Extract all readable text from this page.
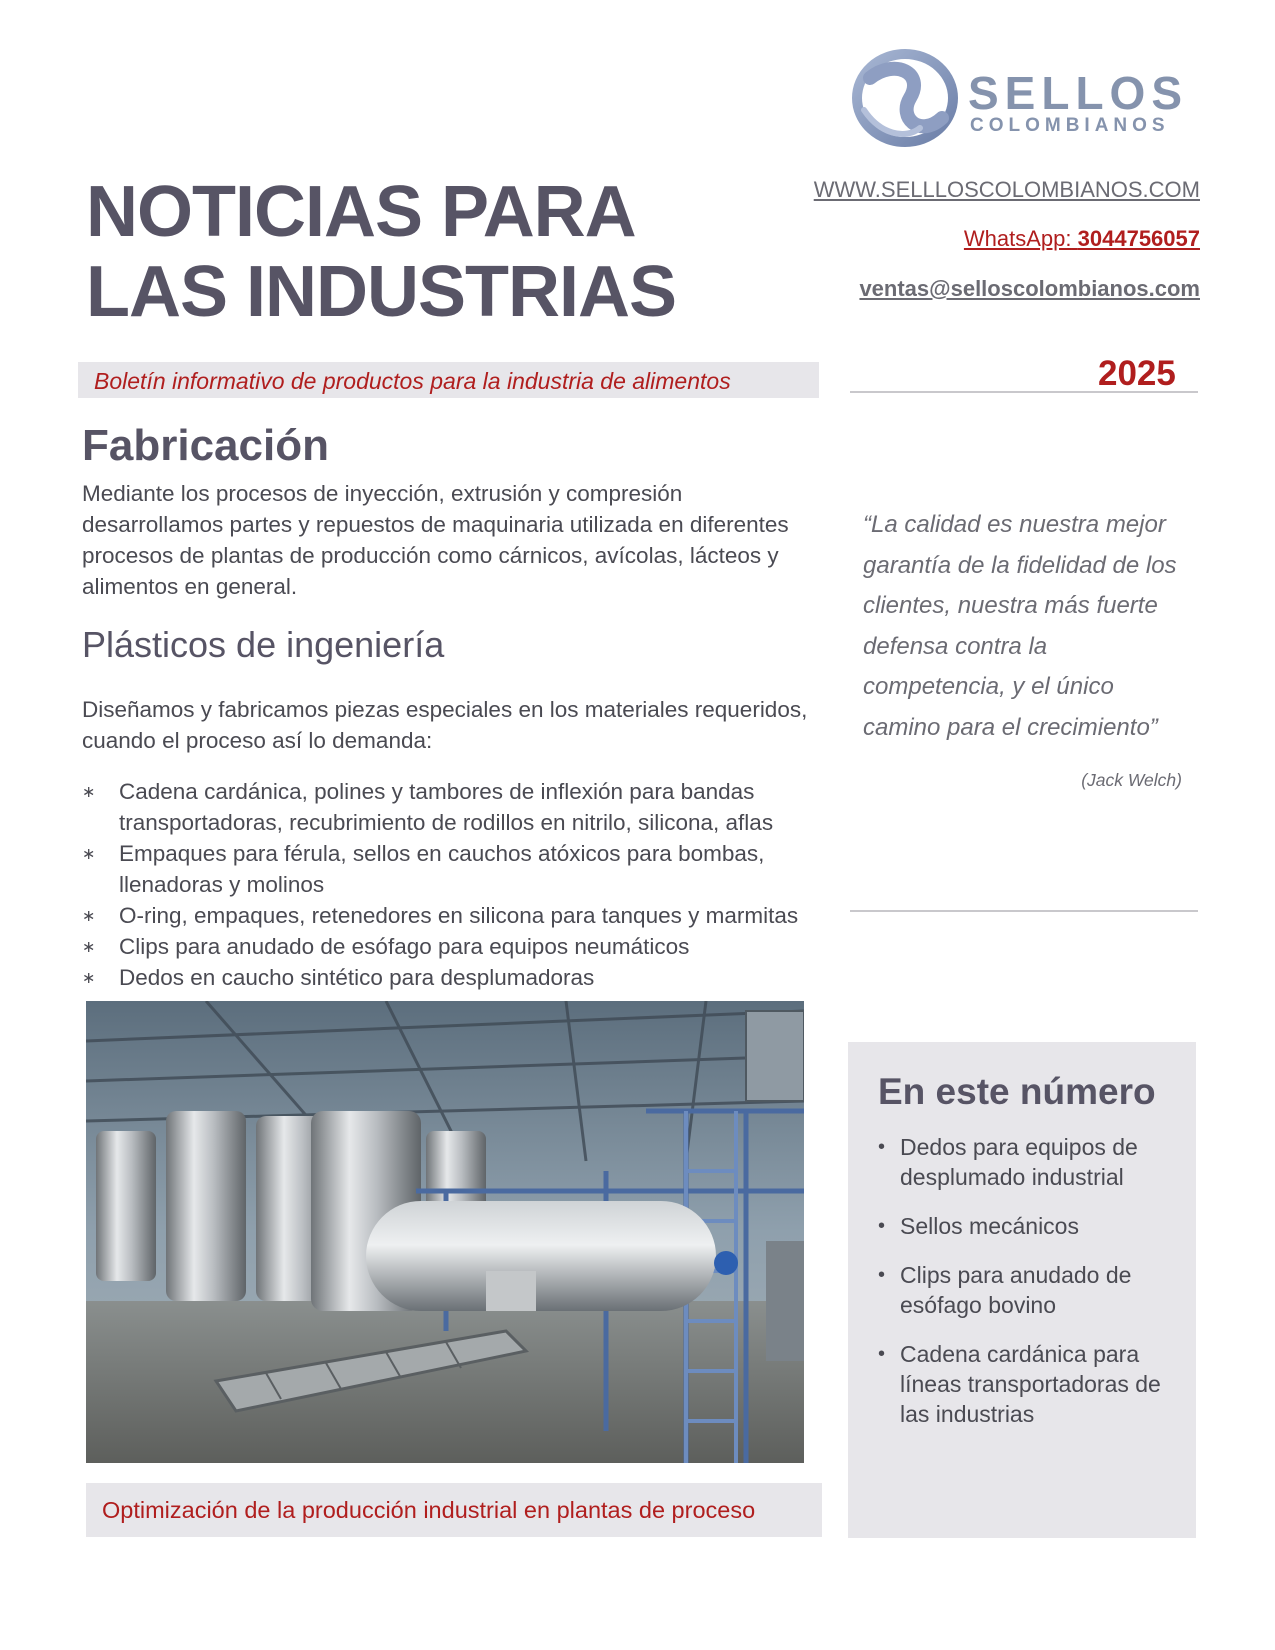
SELLOS
COLOMBIANOS
NOTICIAS PARA
LAS INDUSTRIAS
WWW.SELLLOSCOLOMBIANOS.COM
WhatsApp: 3044756057
ventas@selloscolombianos.com
Boletín informativo de productos para la industria de alimentos	2025
Fabricación

Mediante los procesos de inyección, extrusión y compresión desarrollamos partes y repuestos de maquinaria utilizada en diferentes procesos de plantas de producción como cárnicos, avícolas, lácteos y alimentos en general.

Plásticos de ingeniería

Diseñamos y fabricamos piezas especiales en los materiales requeridos, cuando el proceso así lo demanda:

∗ Cadena cardánica, polines y tambores de inflexión para bandas transportadoras, recubrimiento de rodillos en nitrilo, silicona, aflas
∗ Empaques para férula, sellos en cauchos atóxicos para bombas, llenadoras y molinos
∗ O-ring, empaques, retenedores en silicona para tanques y marmitas
∗ Clips para anudado de esófago para equipos neumáticos
∗ Dedos en caucho sintético para desplumadoras

“La calidad es nuestra mejor garantía de la fidelidad de los clientes, nuestra más fuerte defensa contra la competencia, y el único camino para el crecimiento”

(Jack Welch)
Optimización de la producción industrial en plantas de proceso
En este número
• Dedos para equipos de desplumado industrial
• Sellos mecánicos
• Clips para anudado de esófago bovino
• Cadena cardánica para líneas transportadoras de las industrias
